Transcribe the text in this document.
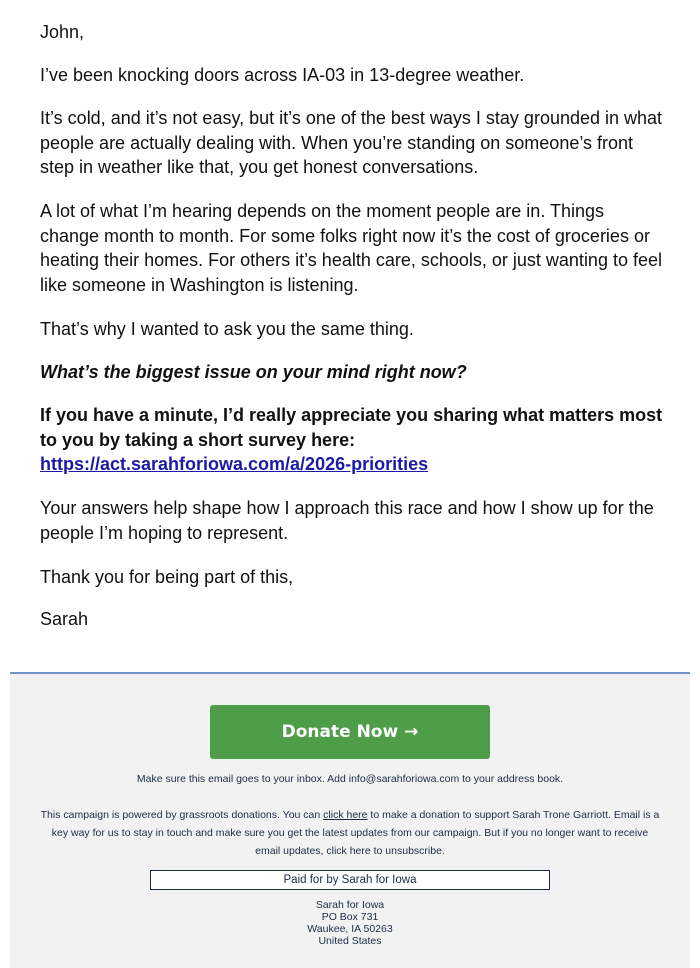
John,

I’ve been knocking doors across IA-03 in 13-degree weather.

It’s cold, and it’s not easy, but it’s one of the best ways I stay grounded in what people are actually dealing with. When you’re standing on someone’s front step in weather like that, you get honest conversations.

A lot of what I’m hearing depends on the moment people are in. Things change month to month. For some folks right now it’s the cost of groceries or heating their homes. For others it’s health care, schools, or just wanting to feel like someone in Washington is listening.

That’s why I wanted to ask you the same thing.

What’s the biggest issue on your mind right now?

If you have a minute, I’d really appreciate you sharing what matters most to you by taking a short survey here:
https://act.sarahforiowa.com/a/2026-priorities

Your answers help shape how I approach this race and how I show up for the people I’m hoping to represent.

Thank you for being part of this,

Sarah

Donate Now →
Make sure this email goes to your inbox. Add info@sarahforiowa.com to your address book.
This campaign is powered by grassroots donations. You can click here to make a donation to support Sarah Trone Garriott. Email is a key way for us to stay in touch and make sure you get the latest updates from our campaign. But if you no longer want to receive email updates, click here to unsubscribe.
Paid for by Sarah for Iowa
Sarah for Iowa
PO Box 731
Waukee, IA 50263
United States
